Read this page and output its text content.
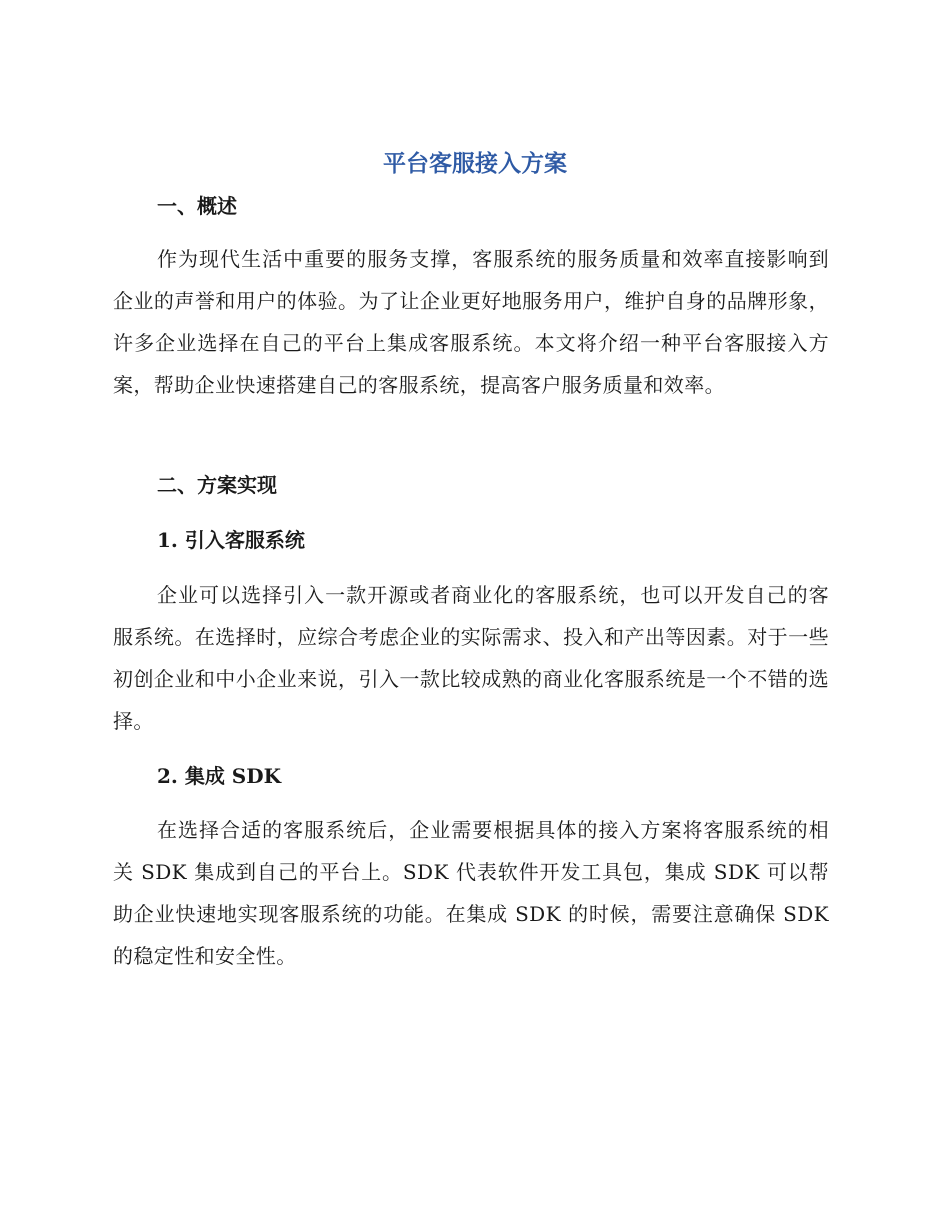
平台客服接入方案
一、概述

作为现代生活中重要的服务支撑，客服系统的服务质量和效率直接影响到企业的声誉和用户的体验。为了让企业更好地服务用户，维护自身的品牌形象，许多企业选择在自己的平台上集成客服系统。本文将介绍一种平台客服接入方案，帮助企业快速搭建自己的客服系统，提高客户服务质量和效率。

二、方案实现
1. 引入客服系统

企业可以选择引入一款开源或者商业化的客服系统，也可以开发自己的客服系统。在选择时，应综合考虑企业的实际需求、投入和产出等因素。对于一些初创企业和中小企业来说，引入一款比较成熟的商业化客服系统是一个不错的选择。

2. 集成 SDK

在选择合适的客服系统后，企业需要根据具体的接入方案将客服系统的相关 SDK 集成到自己的平台上。SDK 代表软件开发工具包，集成 SDK 可以帮助企业快速地实现客服系统的功能。在集成 SDK 的时候，需要注意确保 SDK 的稳定性和安全性。
